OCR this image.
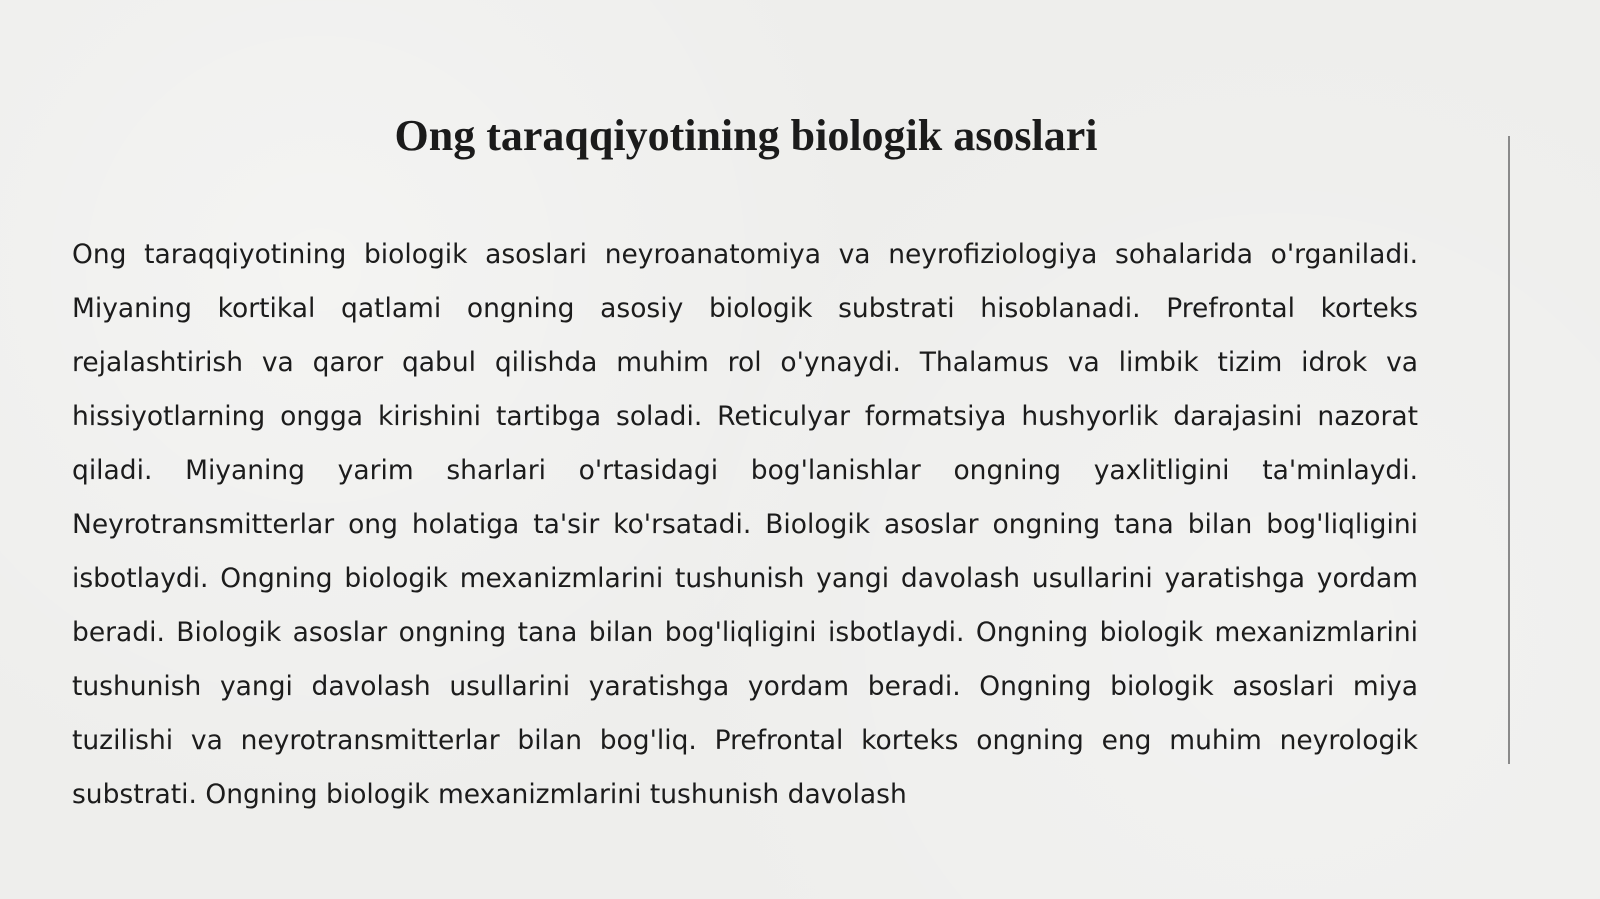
Ong taraqqiyotining biologik asoslari

Ong taraqqiyotining biologik asoslari neyroanatomiya va neyrofiziologiya sohalarida o'rganiladi. Miyaning kortikal qatlami ongning asosiy biologik substrati hisoblanadi. Prefrontal korteks rejalashtirish va qaror qabul qilishda muhim rol o'ynaydi. Thalamus va limbik tizim idrok va hissiyotlarning ongga kirishini tartibga soladi. Reticulyar formatsiya hushyorlik darajasini nazorat qiladi. Miyaning yarim sharlari o'rtasidagi bog'lanishlar ongning yaxlitligini ta'minlaydi. Neyrotransmitterlar ong holatiga ta'sir ko'rsatadi. Biologik asoslar ongning tana bilan bog'liqligini isbotlaydi. Ongning biologik mexanizmlarini tushunish yangi davolash usullarini yaratishga yordam beradi. Biologik asoslar ongning tana bilan bog'liqligini isbotlaydi. Ongning biologik mexanizmlarini tushunish yangi davolash usullarini yaratishga yordam beradi. Ongning biologik asoslari miya tuzilishi va neyrotransmitterlar bilan bog'liq. Prefrontal korteks ongning eng muhim neyrologik substrati. Ongning biologik mexanizmlarini tushunish davolash
